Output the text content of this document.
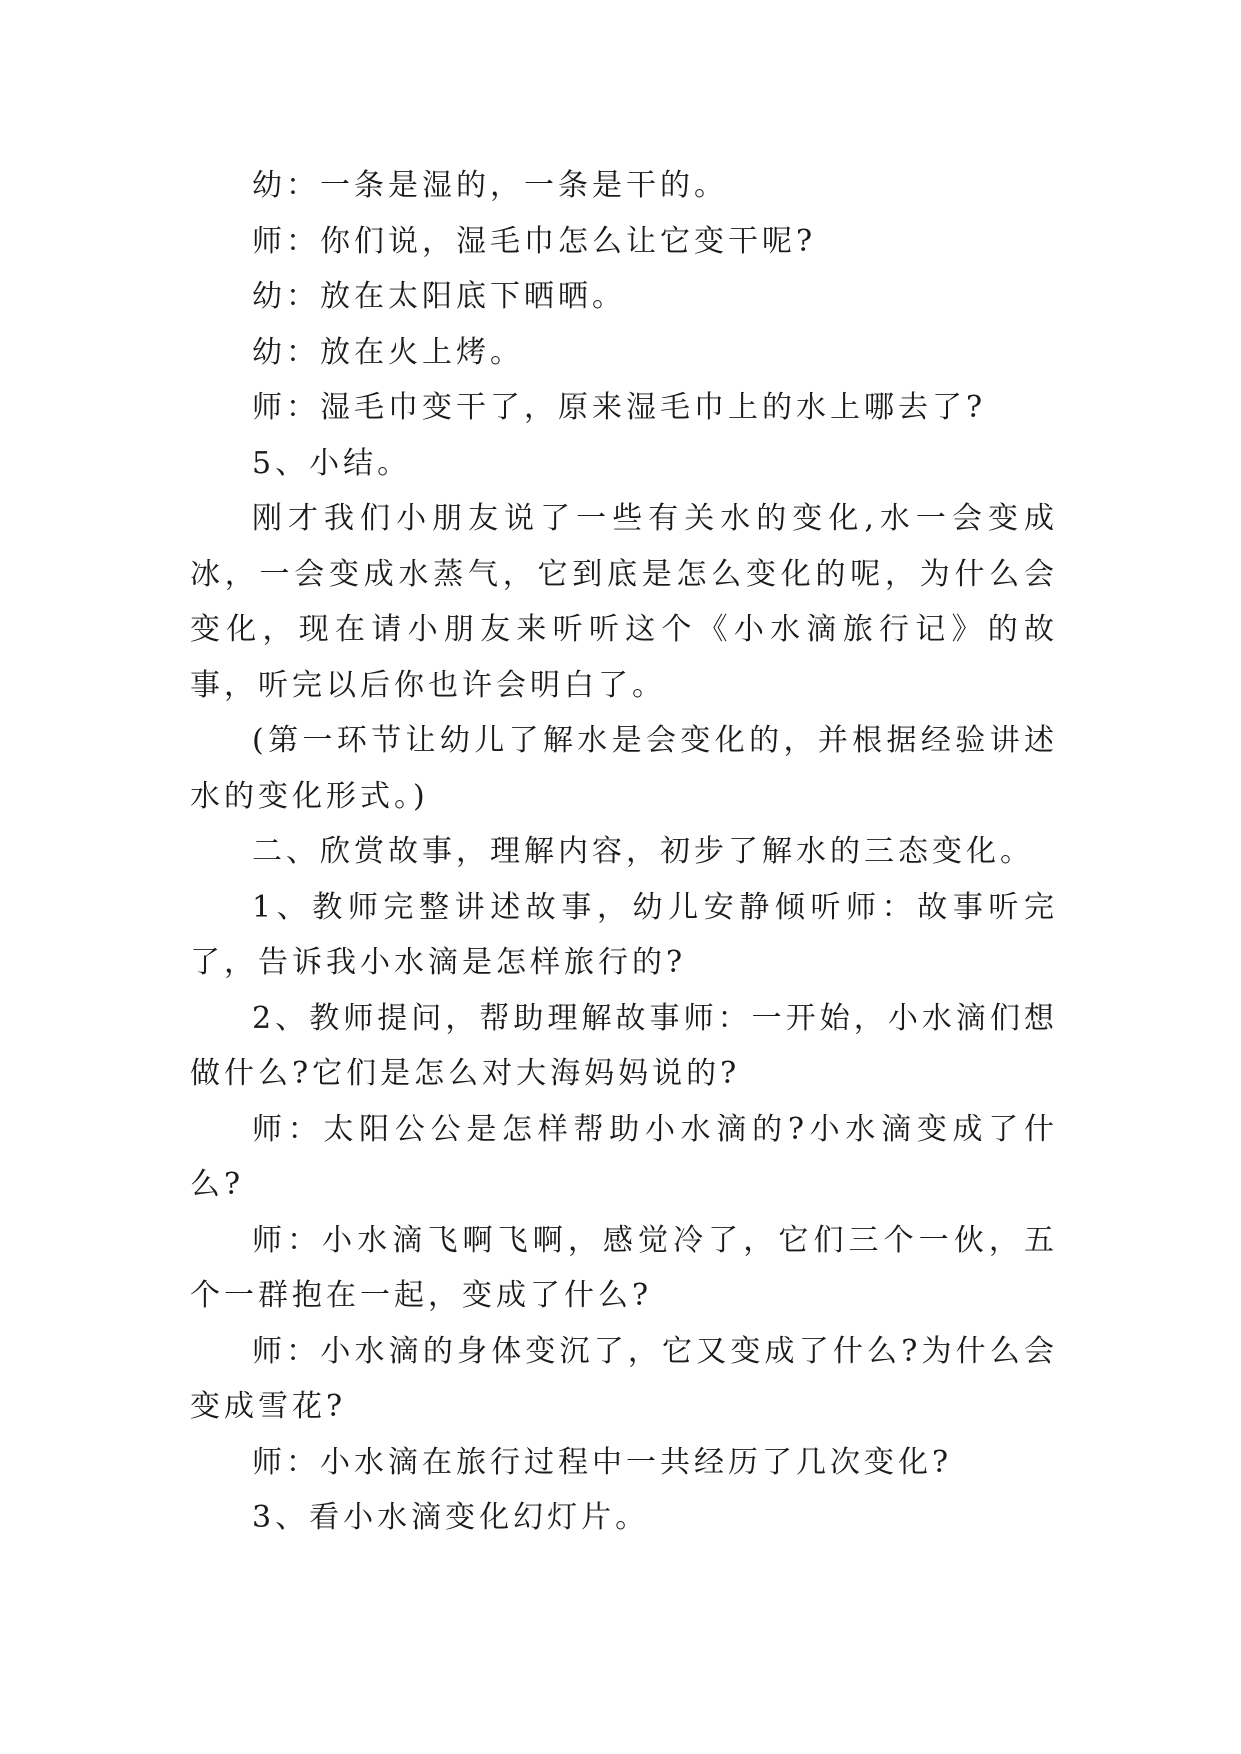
幼：一条是湿的，一条是干的。

师：你们说，湿毛巾怎么让它变干呢?

幼：放在太阳底下晒晒。

幼：放在火上烤。

师：湿毛巾变干了，原来湿毛巾上的水上哪去了?

5、小结。

刚才我们小朋友说了一些有关水的变化,水一会变成冰，一会变成水蒸气，它到底是怎么变化的呢，为什么会变化，现在请小朋友来听听这个《小水滴旅行记》的故事，听完以后你也许会明白了。

(第一环节让幼儿了解水是会变化的，并根据经验讲述水的变化形式。)

二、欣赏故事，理解内容，初步了解水的三态变化。

1、教师完整讲述故事，幼儿安静倾听师：故事听完了，告诉我小水滴是怎样旅行的?

2、教师提问，帮助理解故事师：一开始，小水滴们想做什么?它们是怎么对大海妈妈说的?

师：太阳公公是怎样帮助小水滴的?小水滴变成了什么?

师：小水滴飞啊飞啊，感觉冷了，它们三个一伙，五个一群抱在一起，变成了什么?

师：小水滴的身体变沉了，它又变成了什么?为什么会变成雪花?

师：小水滴在旅行过程中一共经历了几次变化?

3、看小水滴变化幻灯片。
